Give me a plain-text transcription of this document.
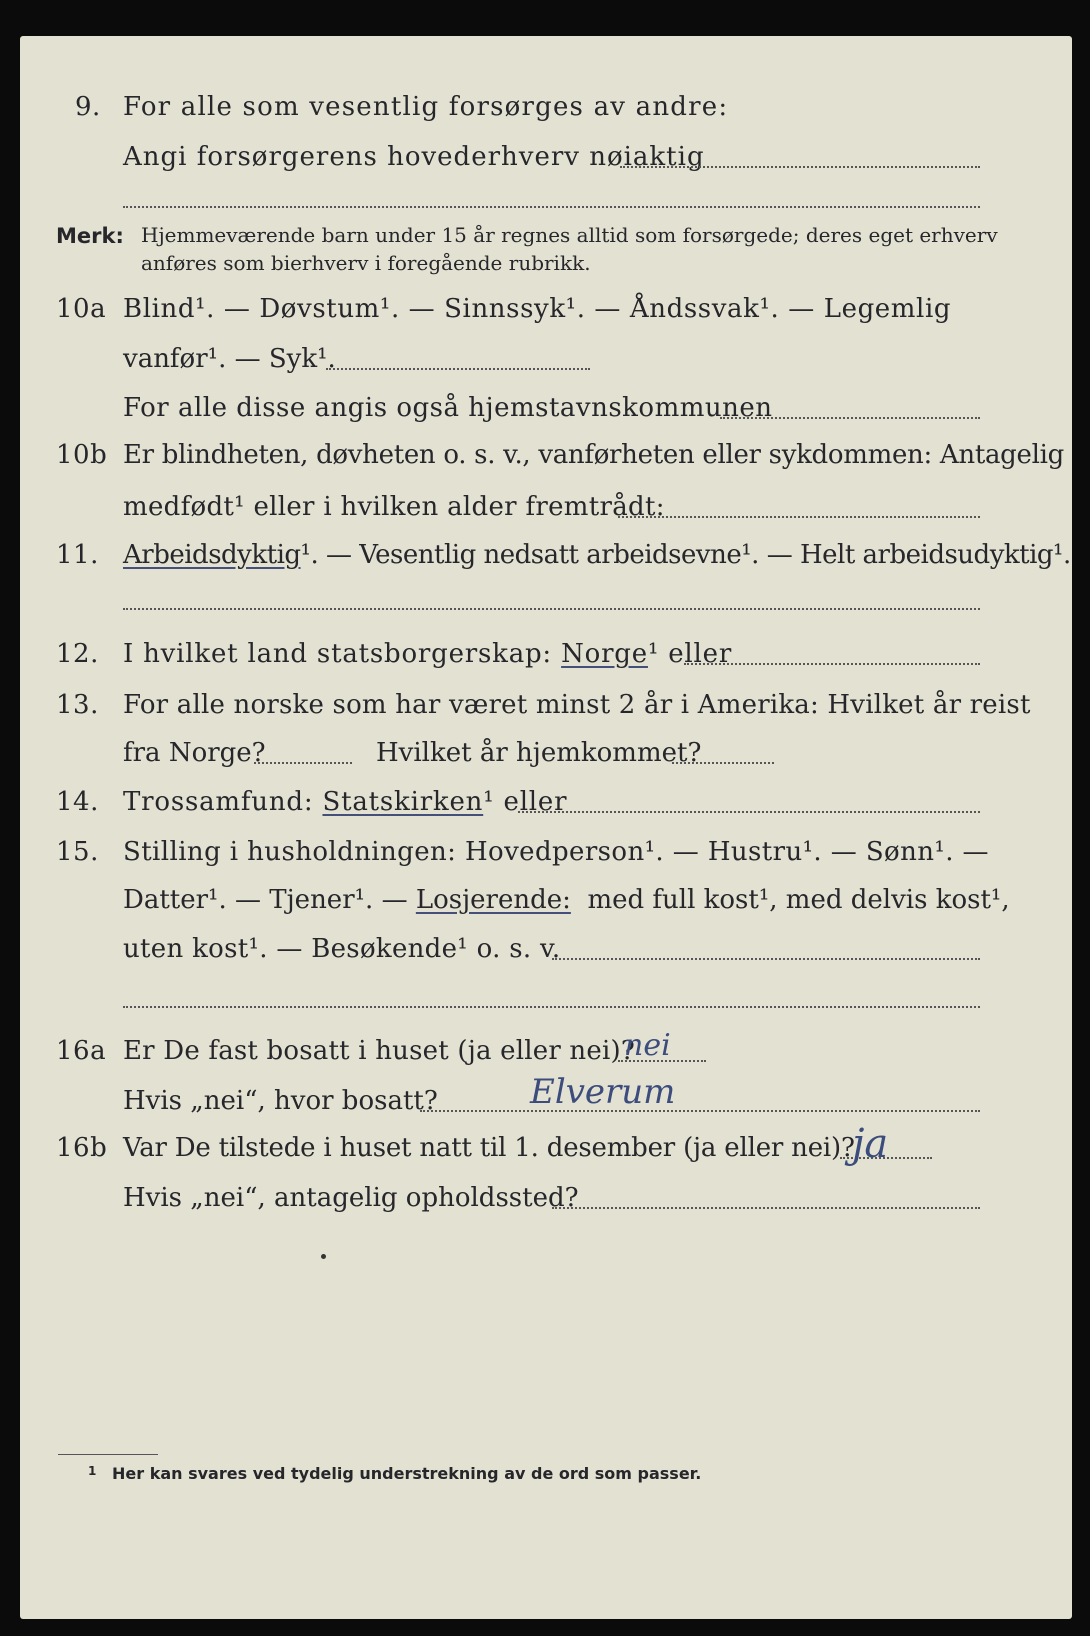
9. For alle som vesentlig forsørges av andre:
Angi forsørgerens hovederhverv nøiaktig
Merk: Hjemmeværende barn under 15 år regnes alltid som forsørgede; deres eget erhverv
anføres som bierhverv i foregående rubrikk.
10a Blind¹. — Døvstum¹. — Sinnssyk¹. — Åndssvak¹. — Legemlig
vanfør¹. — Syk¹.
For alle disse angis også hjemstavnskommunen
10b Er blindheten, døvheten o. s. v., vanførheten eller sykdommen: Antagelig
medfødt¹ eller i hvilken alder fremtrådt:
11. Arbeidsdyktig¹. — Vesentlig nedsatt arbeidsevne¹. — Helt arbeidsudyktig¹.
12. I hvilket land statsborgerskap: Norge¹ eller
13. For alle norske som har været minst 2 år i Amerika: Hvilket år reist
fra Norge?	Hvilket år hjemkommet?
14. Trossamfund: Statskirken¹ eller
15. Stilling i husholdningen: Hovedperson¹. — Hustru¹. — Sønn¹. —
Datter¹. — Tjener¹. — Losjerende: med full kost¹, med delvis kost¹,
uten kost¹. — Besøkende¹ o. s. v.
16a Er De fast bosatt i huset (ja eller nei)?
nei
Hvis „nei“, hvor bosatt?	Elverum
16b Var De tilstede i huset natt til 1. desember (ja eller nei)?
ja
Hvis „nei“, antagelig opholdssted?
1 Her kan svares ved tydelig understrekning av de ord som passer.
